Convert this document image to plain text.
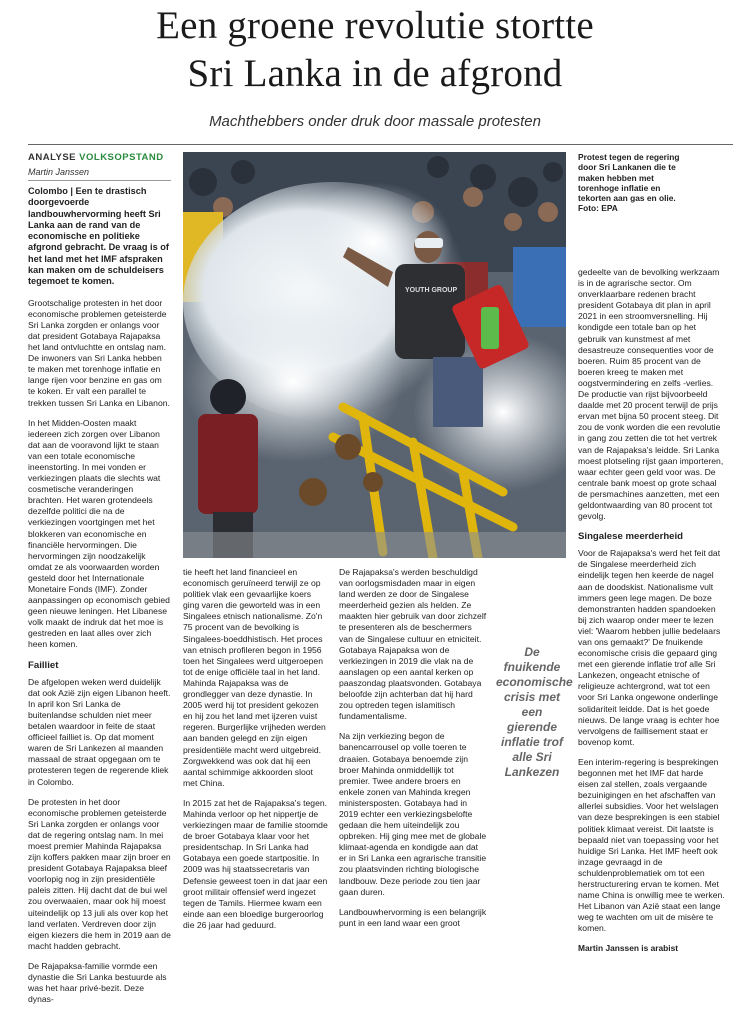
Een groene revolutie stortte
Sri Lanka in de afgrond
Machthebbers onder druk door massale protesten
ANALYSE VOLKSOPSTAND
Martin Janssen

Colombo | Een te drastisch doorgevoerde landbouwhervorming heeft Sri Lanka aan de rand van de economische en politieke afgrond gebracht. De vraag is of het land met het IMF afspraken kan maken om de schuldeisers tegemoet te komen.

Grootschalige protesten in het door economische problemen geteisterde Sri Lanka zorgden er onlangs voor dat president Gotabaya Rajapaksa het land ontvluchtte en ontslag nam. De inwoners van Sri Lanka hebben te maken met torenhoge inflatie en lange rijen voor benzine en gas om te koken. Er valt een parallel te trekken tussen Sri Lanka en Libanon.

In het Midden-Oosten maakt iedereen zich zorgen over Libanon dat aan de vooravond lijkt te staan van een totale economische ineenstorting. In mei vonden er verkiezingen plaats die slechts wat cosmetische veranderingen brachten. Het waren grotendeels dezelfde politici die na de verkiezingen voortgingen met het blokkeren van economische en financiële hervormingen. Die hervormingen zijn noodzakelijk omdat ze als voorwaarden worden gesteld door het Internationale Monetaire Fonds (IMF). Zonder aanpassingen op economisch gebied geen nieuwe leningen. Het Libanese volk maakt de indruk dat het moe is gestreden en laat alles over zich heen komen.

Failliet

De afgelopen weken werd duidelijk dat ook Azië zijn eigen Libanon heeft. In april kon Sri Lanka de buitenlandse schulden niet meer betalen waardoor in feite de staat officieel failliet is. Op dat moment waren de Sri Lankezen al maanden massaal de straat opgegaan om te protesteren tegen de regerende kliek in Colombo.

De protesten in het door economische problemen geteisterde Sri Lanka zorgden er onlangs voor dat de regering ontslag nam. In mei moest premier Mahinda Rajapaksa zijn koffers pakken maar zijn broer en president Gotabaya Rajapaksa bleef voorlopig nog in zijn presidentiële paleis zitten. Hij dacht dat de bui wel zou overwaaien, maar ook hij moest uiteindelijk op 13 juli als over kop het land verlaten. Verdreven door zijn eigen kiezers die hem in 2019 aan de macht hadden gebracht.

De Rajapaksa-familie vormde een dynastie die Sri Lanka bestuurde als was het haar privé-bezit. Deze dynas-

YOUTH GROUP
Protest tegen de regering door Sri Lankanen die te maken hebben met torenhoge inflatie en tekorten aan gas en olie. Foto: EPA

tie heeft het land financieel en economisch geruïneerd terwijl ze op politiek vlak een gevaarlijke koers ging varen die geworteld was in een Singalees etnisch nationalisme. Zo'n 75 procent van de bevolking is Singalees-boeddhistisch. Het proces van etnisch profileren begon in 1956 toen het Singalees werd uitgeroepen tot de enige officiële taal in het land. Mahinda Rajapaksa was de grondlegger van deze dynastie. In 2005 werd hij tot president gekozen en hij zou het land met ijzeren vuist regeren. Burgerlijke vrijheden werden aan banden gelegd en zijn eigen presidentiële macht werd uitgebreid. Zorgwekkend was ook dat hij een aantal schimmige akkoorden sloot met China.

In 2015 zat het de Rajapaksa's tegen. Mahinda verloor op het nippertje de verkiezingen maar de familie stoomde de broer Gotabaya klaar voor het presidentschap. In Sri Lanka had Gotabaya een goede startpositie. In 2009 was hij staatssecretaris van Defensie geweest toen in dat jaar een groot militair offensief werd ingezet tegen de Tamils. Hiermee kwam een einde aan een bloedige burgeroorlog die 26 jaar had geduurd.

De Rajapaksa's werden beschuldigd van oorlogsmisdaden maar in eigen land werden ze door de Singalese meerderheid gezien als helden. Ze maakten hier gebruik van door zichzelf te presenteren als de beschermers van de Singalese cultuur en etniciteit. Gotabaya Rajapaksa won de verkiezingen in 2019 die vlak na de aanslagen op een aantal kerken op paaszondag plaatsvonden. Gotabaya beloofde zijn achterban dat hij hard zou optreden tegen islamitisch fundamentalisme.

Na zijn verkiezing begon de banencarrousel op volle toeren te draaien. Gotabaya benoemde zijn broer Mahinda onmiddellijk tot premier. Twee andere broers en enkele zonen van Mahinda kregen ministersposten. Gotabaya had in 2019 echter een verkiezingsbelofte gedaan die hem uiteindelijk zou opbreken. Hij ging mee met de globale klimaat-agenda en kondigde aan dat er in Sri Lanka een agrarische transitie zou plaatsvinden richting biologische landbouw. Deze periode zou tien jaar gaan duren.

Landbouwhervorming is een belangrijk punt in een land waar een groot

De fnuikende economische crisis met een gierende inflatie trof alle Sri Lankezen

gedeelte van de bevolking werkzaam is in de agrarische sector. Om onverklaarbare redenen bracht president Gotabaya dit plan in april 2021 in een stroomversnelling. Hij kondigde een totale ban op het gebruik van kunstmest af met desastreuze consequenties voor de boeren. Ruim 85 procent van de boeren kreeg te maken met oogstvermindering en zelfs -verlies. De productie van rijst bijvoorbeeld daalde met 20 procent terwijl de prijs ervan met bijna 50 procent steeg. Dit zou de vonk worden die een revolutie in gang zou zetten die tot het vertrek van de Rajapaksa's leidde. Sri Lanka moest plotseling rijst gaan importeren, waar echter geen geld voor was. De centrale bank moest op grote schaal de persmachines aanzetten, met een geldontwaarding van 80 procent tot gevolg.

Singalese meerderheid

Voor de Rajapaksa's werd het feit dat de Singalese meerderheid zich eindelijk tegen hen keerde de nagel aan de doodskist. Nationalisme vult immers geen lege magen. De boze demonstranten hadden spandoeken bij zich waarop onder meer te lezen viel: 'Waarom hebben jullie bedelaars van ons gemaakt?' De fnuikende economische crisis die gepaard ging met een gierende inflatie trof alle Sri Lankezen, ongeacht etnische of religieuze achtergrond, wat tot een voor Sri Lanka ongewone onderlinge solidariteit leidde. Dat is het goede nieuws. De lange vraag is echter hoe vervolgens de faillisement staat er bovenop komt.

Een interim-regering is besprekingen begonnen met het IMF dat harde eisen zal stellen, zoals vergaande bezuinigingen en het afschaffen van allerlei subsidies. Voor het welslagen van deze besprekingen is een stabiel politiek klimaat vereist. Dit laatste is bepaald niet van toepassing voor het huidige Sri Lanka. Het IMF heeft ook inzage gevraagd in de schuldenproblematiek om tot een herstructurering ervan te komen. Met name China is onwillig mee te werken. Het Libanon van Azië staat een lange weg te wachten om uit de misère te komen.

Martin Janssen is arabist
